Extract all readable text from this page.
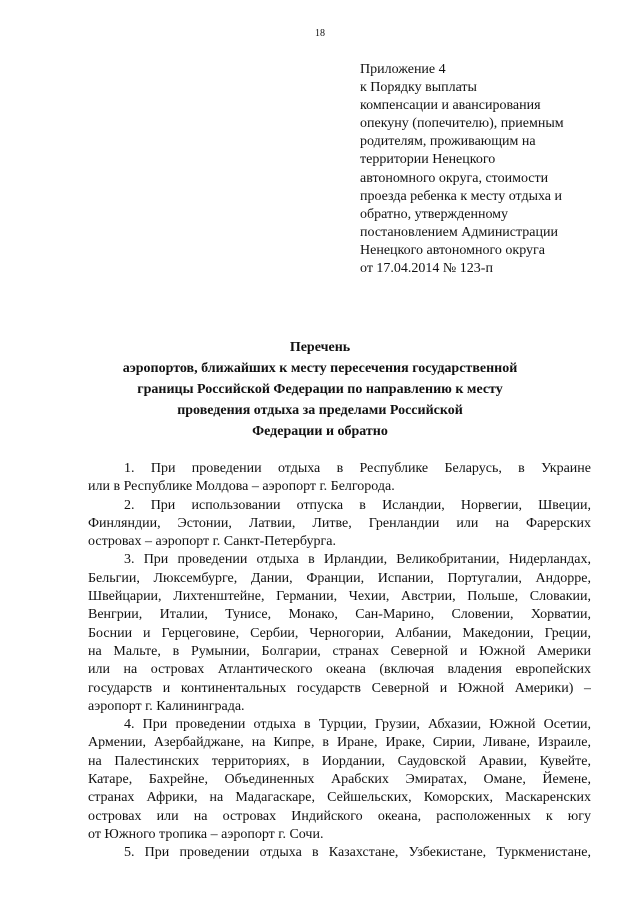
18
Приложение 4
к Порядку выплаты
компенсации и авансирования
опекуну (попечителю), приемным
родителям, проживающим на
территории Ненецкого
автономного округа, стоимости
проезда ребенка к месту отдыха и
обратно, утвержденному
постановлением Администрации
Ненецкого автономного округа
от 17.04.2014 № 123-п
Перечень
аэропортов, ближайших к месту пересечения государственной
границы Российской Федерации по направлению к месту
проведения отдыха за пределами Российской
Федерации и обратно
1. При проведении отдыха в Республике Беларусь, в Украине
или в Республике Молдова – аэропорт г. Белгорода.
2. При использовании отпуска в Исландии, Норвегии, Швеции,
Финляндии, Эстонии, Латвии, Литве, Гренландии или на Фарерских
островах – аэропорт г. Санкт-Петербурга.
3. При проведении отдыха в Ирландии, Великобритании, Нидерландах,
Бельгии, Люксембурге, Дании, Франции, Испании, Португалии, Андорре,
Швейцарии, Лихтенштейне, Германии, Чехии, Австрии, Польше, Словакии,
Венгрии, Италии, Тунисе, Монако, Сан-Марино, Словении, Хорватии,
Боснии и Герцеговине, Сербии, Черногории, Албании, Македонии, Греции,
на Мальте, в Румынии, Болгарии, странах Северной и Южной Америки
или на островах Атлантического океана (включая владения европейских
государств и континентальных государств Северной и Южной Америки) –
аэропорт г. Калининграда.
4. При проведении отдыха в Турции, Грузии, Абхазии, Южной Осетии,
Армении, Азербайджане, на Кипре, в Иране, Ираке, Сирии, Ливане, Израиле,
на Палестинских территориях, в Иордании, Саудовской Аравии, Кувейте,
Катаре, Бахрейне, Объединенных Арабских Эмиратах, Омане, Йемене,
странах Африки, на Мадагаскаре, Сейшельских, Коморских, Маскаренских
островах или на островах Индийского океана, расположенных к югу
от Южного тропика – аэропорт г. Сочи.
5. При проведении отдыха в Казахстане, Узбекистане, Туркменистане,
